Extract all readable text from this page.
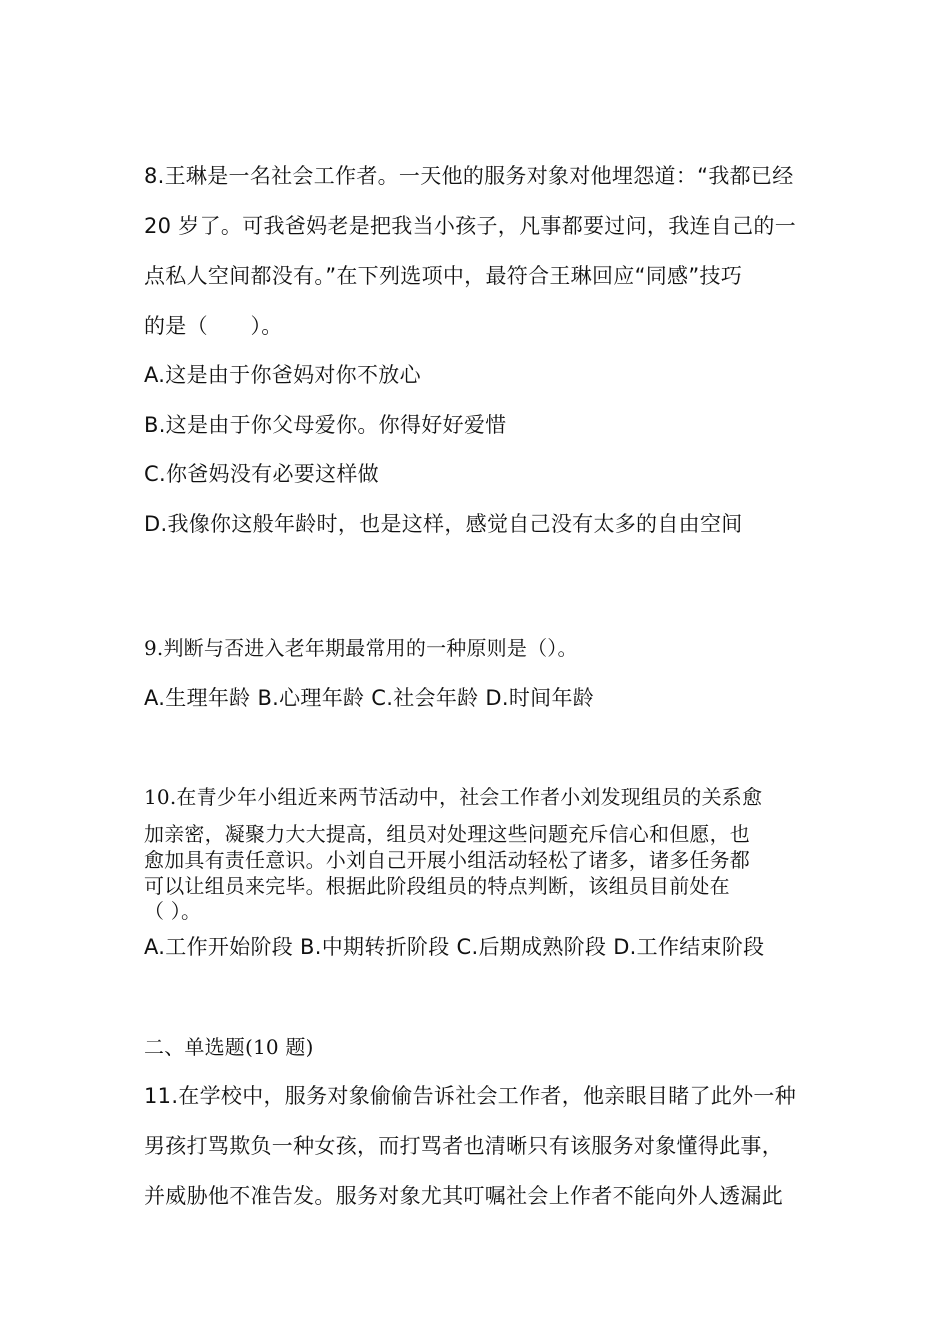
8.王琳是一名社会工作者。一天他的服务对象对他埋怨道：“我都已经
20 岁了。可我爸妈老是把我当小孩子，凡事都要过问，我连自己的一
点私人空间都没有。”在下列选项中，最符合王琳回应“同感”技巧
的是（　　）。
A.这是由于你爸妈对你不放心
B.这是由于你父母爱你。你得好好爱惜
C.你爸妈没有必要这样做
D.我像你这般年龄时，也是这样，感觉自己没有太多的自由空间
9.判断与否进入老年期最常用的一种原则是（）。
A.生理年龄 B.心理年龄 C.社会年龄 D.时间年龄
10.在青少年小组近来两节活动中，社会工作者小刘发现组员的关系愈
加亲密，凝聚力大大提高，组员对处理这些问题充斥信心和但愿，也
愈加具有责任意识。小刘自己开展小组活动轻松了诸多，诸多任务都
可以让组员来完毕。根据此阶段组员的特点判断，该组员目前处在
（ ）。
A.工作开始阶段 B.中期转折阶段 C.后期成熟阶段 D.工作结束阶段
二、单选题(10 题)
11.在学校中，服务对象偷偷告诉社会工作者，他亲眼目睹了此外一种
男孩打骂欺负一种女孩，而打骂者也清晰只有该服务对象懂得此事，
并威胁他不准告发。服务对象尤其叮嘱社会上作者不能向外人透漏此
